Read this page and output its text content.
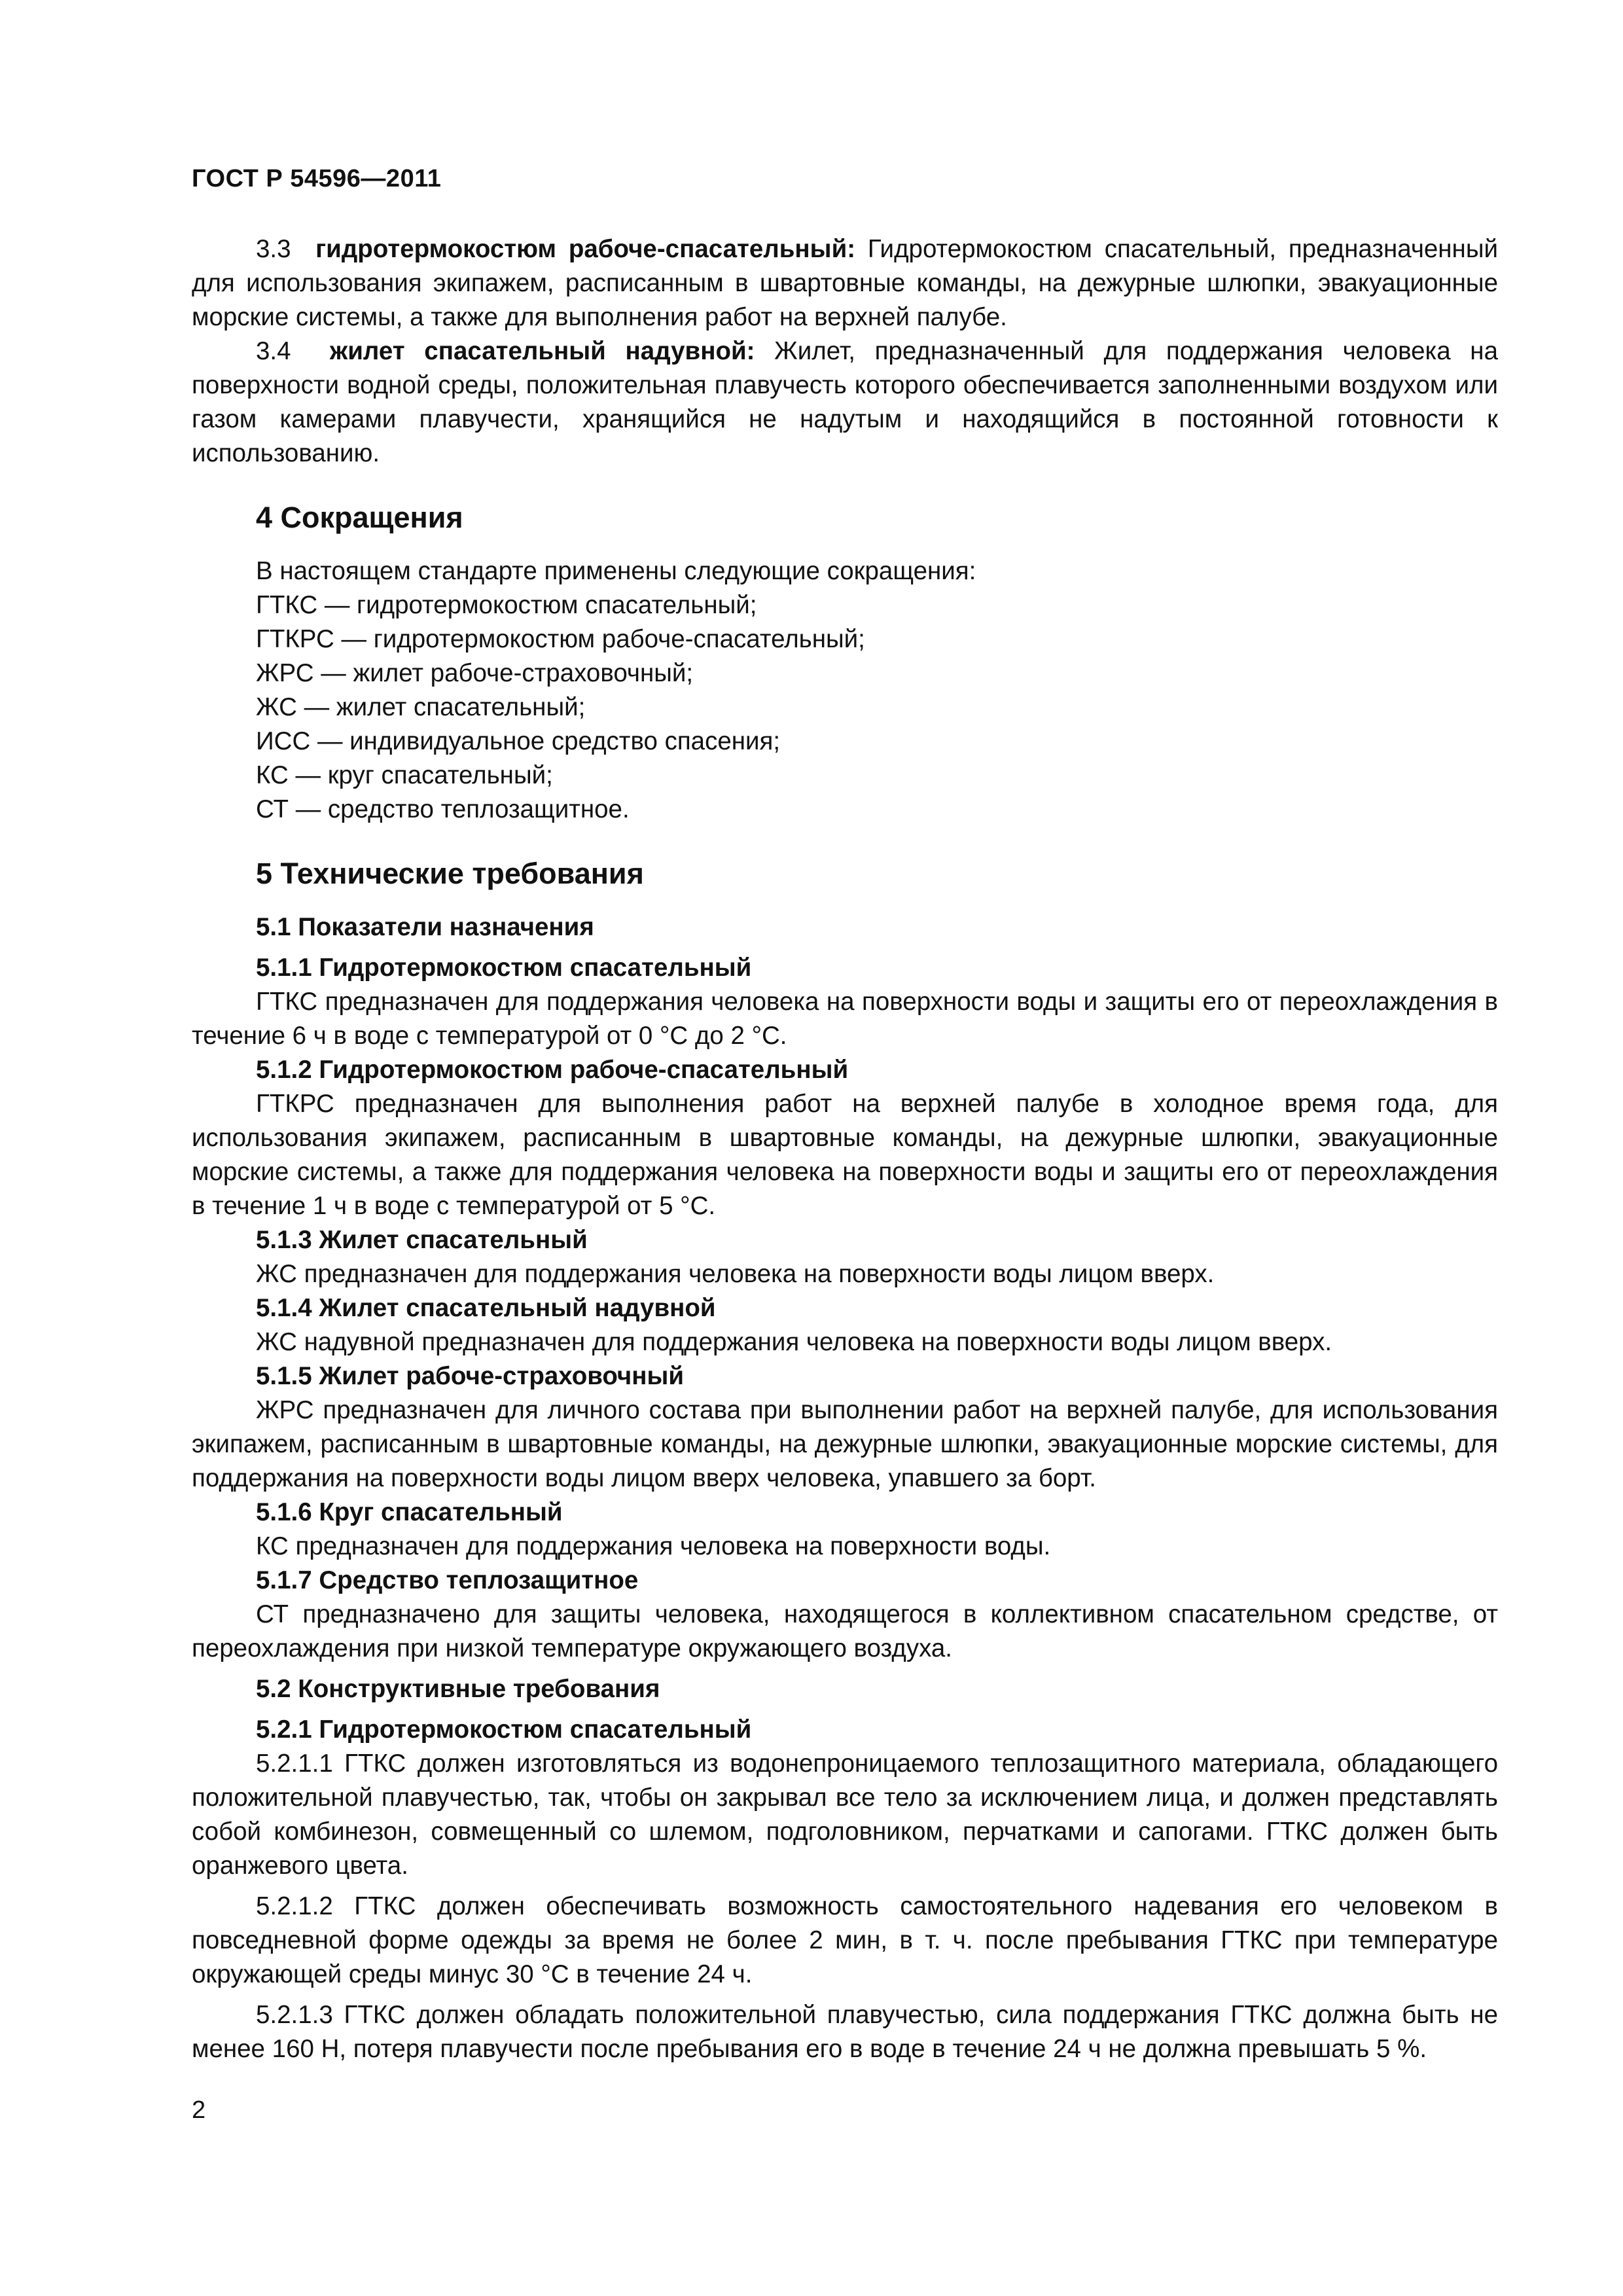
ГОСТ Р 54596—2011

3.3 гидротермокостюм рабоче-спасательный: Гидротермокостюм спасательный, предназначенный для использования экипажем, расписанным в швартовные команды, на дежурные шлюпки, эвакуационные морские системы, а также для выполнения работ на верхней палубе.

3.4 жилет спасательный надувной: Жилет, предназначенный для поддержания человека на поверхности водной среды, положительная плавучесть которого обеспечивается заполненными воздухом или газом камерами плавучести, хранящийся не надутым и находящийся в постоянной готовности к использованию.

4 Сокращения

В настоящем стандарте применены следующие сокращения:

ГТКС — гидротермокостюм спасательный;

ГТКРС — гидротермокостюм рабоче-спасательный;

ЖРС — жилет рабоче-страховочный;

ЖС — жилет спасательный;

ИСС — индивидуальное средство спасения;

КС — круг спасательный;

СТ — средство теплозащитное.

5 Технические требования

5.1 Показатели назначения

5.1.1 Гидротермокостюм спасательный

ГТКС предназначен для поддержания человека на поверхности воды и защиты его от переохлаждения в течение 6 ч в воде с температурой от 0 °С до 2 °С.

5.1.2 Гидротермокостюм рабоче-спасательный

ГТКРС предназначен для выполнения работ на верхней палубе в холодное время года, для использования экипажем, расписанным в швартовные команды, на дежурные шлюпки, эвакуационные морские системы, а также для поддержания человека на поверхности воды и защиты его от переохлаждения в течение 1 ч в воде с температурой от 5 °С.

5.1.3 Жилет спасательный

ЖС предназначен для поддержания человека на поверхности воды лицом вверх.

5.1.4 Жилет спасательный надувной

ЖС надувной предназначен для поддержания человека на поверхности воды лицом вверх.

5.1.5 Жилет рабоче-страховочный

ЖРС предназначен для личного состава при выполнении работ на верхней палубе, для использования экипажем, расписанным в швартовные команды, на дежурные шлюпки, эвакуационные морские системы, для поддержания на поверхности воды лицом вверх человека, упавшего за борт.

5.1.6 Круг спасательный

КС предназначен для поддержания человека на поверхности воды.

5.1.7 Средство теплозащитное

СТ предназначено для защиты человека, находящегося в коллективном спасательном средстве, от переохлаждения при низкой температуре окружающего воздуха.

5.2 Конструктивные требования

5.2.1 Гидротермокостюм спасательный

5.2.1.1 ГТКС должен изготовляться из водонепроницаемого теплозащитного материала, обладающего положительной плавучестью, так, чтобы он закрывал все тело за исключением лица, и должен представлять собой комбинезон, совмещенный со шлемом, подголовником, перчатками и сапогами. ГТКС должен быть оранжевого цвета.

5.2.1.2 ГТКС должен обеспечивать возможность самостоятельного надевания его человеком в повседневной форме одежды за время не более 2 мин, в т. ч. после пребывания ГТКС при температуре окружающей среды минус 30 °С в течение 24 ч.

5.2.1.3 ГТКС должен обладать положительной плавучестью, сила поддержания ГТКС должна быть не менее 160 Н, потеря плавучести после пребывания его в воде в течение 24 ч не должна превышать 5 %.

2
